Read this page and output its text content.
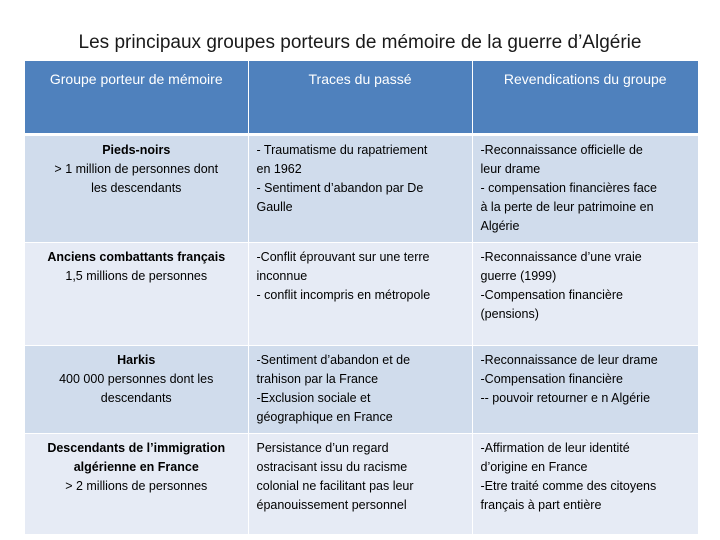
Les principaux groupes porteurs de mémoire de la guerre d’Algérie
Groupe porteur de mémoire	Traces du passé	Revendications du groupe

Pieds-noirs
> 1 million de personnes dont
les descendants	- Traumatisme du rapatriement
en 1962
- Sentiment d’abandon par De
Gaulle	-Reconnaissance officielle de
leur drame
- compensation financières face
à la perte de leur patrimoine en
Algérie

Anciens combattants français
1,5 millions de personnes	-Conflit éprouvant sur une terre
inconnue
- conflit incompris en métropole	-Reconnaissance d’une vraie
guerre (1999)
-Compensation financière
(pensions)

Harkis
400 000 personnes dont les
descendants	-Sentiment d’abandon et de
trahison par la France
-Exclusion sociale et
géographique en France	-Reconnaissance de leur drame
-Compensation financière
-- pouvoir retourner e n Algérie

Descendants de l’immigration
algérienne en France
> 2 millions de personnes	Persistance d’un regard
ostracisant issu du racisme
colonial ne facilitant pas leur
épanouissement personnel	-Affirmation de leur identité
d’origine en France
-Etre traité comme des citoyens
français à part entière
